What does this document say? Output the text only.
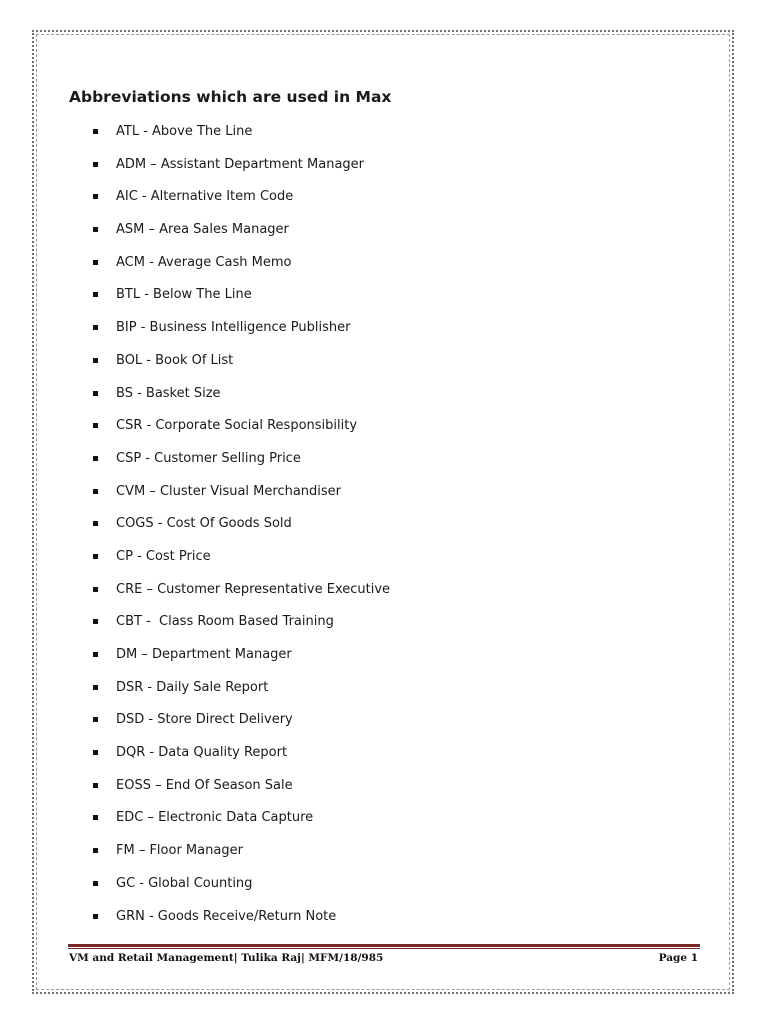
Abbreviations which are used in Max
ATL - Above The Line
ADM – Assistant Department Manager
AIC - Alternative Item Code
ASM – Area Sales Manager
ACM - Average Cash Memo
BTL - Below The Line
BIP - Business Intelligence Publisher
BOL - Book Of List
BS - Basket Size
CSR - Corporate Social Responsibility
CSP - Customer Selling Price
CVM – Cluster Visual Merchandiser
COGS - Cost Of Goods Sold
CP - Cost Price
CRE – Customer Representative Executive
CBT -  Class Room Based Training
DM – Department Manager
DSR - Daily Sale Report
DSD - Store Direct Delivery
DQR - Data Quality Report
EOSS – End Of Season Sale
EDC – Electronic Data Capture
FM – Floor Manager
GC - Global Counting
GRN - Goods Receive/Return Note
VM and Retail Management| Tulika Raj| MFM/18/985	Page 1
